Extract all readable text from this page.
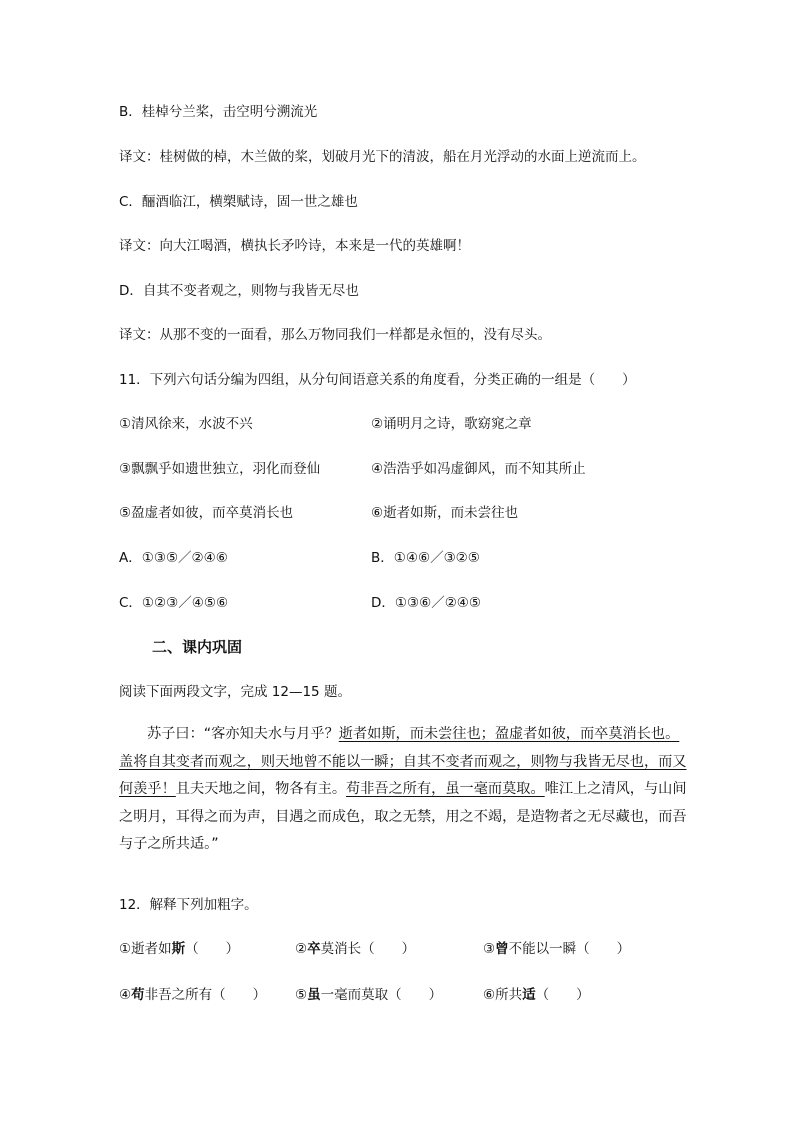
B．桂棹兮兰桨，击空明兮溯流光
译文：桂树做的棹，木兰做的桨，划破月光下的清波，船在月光浮动的水面上逆流而上。
C．酾酒临江，横槊赋诗，固一世之雄也
译文：向大江喝酒，横执长矛吟诗，本来是一代的英雄啊！
D．自其不变者观之，则物与我皆无尽也
译文：从那不变的一面看，那么万物同我们一样都是永恒的，没有尽头。
11．下列六句话分编为四组，从分句间语意关系的角度看，分类正确的一组是（　　）
①清风徐来，水波不兴	②诵明月之诗，歌窈窕之章
③飘飘乎如遗世独立，羽化而登仙	④浩浩乎如冯虚御风，而不知其所止
⑤盈虚者如彼，而卒莫消长也	⑥逝者如斯，而未尝往也
A．①③⑤／②④⑥	B．①④⑥／③②⑤
C．①②③／④⑤⑥	D．①③⑥／②④⑤
二、课内巩固
阅读下面两段文字，完成 12—15 题。
苏子曰：“客亦知夫水与月乎？逝者如斯，而未尝往也；盈虚者如彼，而卒莫消长也。盖将自其变者而观之，则天地曾不能以一瞬；自其不变者而观之，则物与我皆无尽也，而又何羡乎！且夫天地之间，物各有主。苟非吾之所有，虽一毫而莫取。唯江上之清风，与山间之明月，耳得之而为声，目遇之而成色，取之无禁，用之不竭，是造物者之无尽藏也，而吾与子之所共适。”
12．解释下列加粗字。
①逝者如斯（　　）	②卒莫消长（　　）	③曾不能以一瞬（　　）
④苟非吾之所有（　　） ⑤虽一毫而莫取（　　）	⑥所共适（　　）
